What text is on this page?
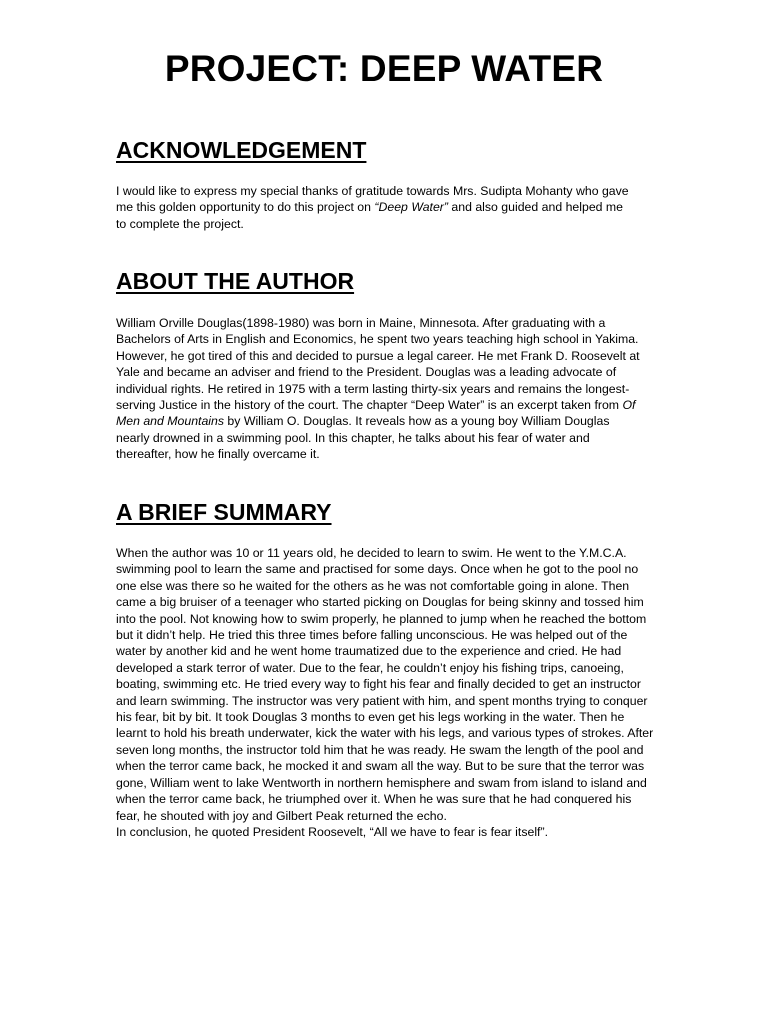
PROJECT: DEEP WATER
ACKNOWLEDGEMENT

I would like to express my special thanks of gratitude towards Mrs. Sudipta Mohanty who gave me this golden opportunity to do this project on “Deep Water” and also guided and helped me to complete the project.

ABOUT THE AUTHOR

William Orville Douglas(1898-1980) was born in Maine, Minnesota. After graduating with a Bachelors of Arts in English and Economics, he spent two years teaching high school in Yakima. However, he got tired of this and decided to pursue a legal career. He met Frank D. Roosevelt at Yale and became an adviser and friend to the President. Douglas was a leading advocate of individual rights. He retired in 1975 with a term lasting thirty-six years and remains the longest-serving Justice in the history of the court. The chapter “Deep Water” is an excerpt taken from Of Men and Mountains by William O. Douglas. It reveals how as a young boy William Douglas nearly drowned in a swimming pool. In this chapter, he talks about his fear of water and thereafter, how he finally overcame it.

A BRIEF SUMMARY

When the author was 10 or 11 years old, he decided to learn to swim. He went to the Y.M.C.A. swimming pool to learn the same and practised for some days. Once when he got to the pool no one else was there so he waited for the others as he was not comfortable going in alone. Then came a big bruiser of a teenager who started picking on Douglas for being skinny and tossed him into the pool. Not knowing how to swim properly, he planned to jump when he reached the bottom but it didn’t help. He tried this three times before falling unconscious. He was helped out of the water by another kid and he went home traumatized due to the experience and cried. He had developed a stark terror of water. Due to the fear, he couldn’t enjoy his fishing trips, canoeing, boating, swimming etc. He tried every way to fight his fear and finally decided to get an instructor and learn swimming. The instructor was very patient with him, and spent months trying to conquer his fear, bit by bit. It took Douglas 3 months to even get his legs working in the water. Then he learnt to hold his breath underwater, kick the water with his legs, and various types of strokes. After seven long months, the instructor told him that he was ready. He swam the length of the pool and when the terror came back, he mocked it and swam all the way. But to be sure that the terror was gone, William went to lake Wentworth in northern hemisphere and swam from island to island and when the terror came back, he triumphed over it. When he was sure that he had conquered his fear, he shouted with joy and Gilbert Peak returned the echo.
In conclusion, he quoted President Roosevelt, “All we have to fear is fear itself”.
